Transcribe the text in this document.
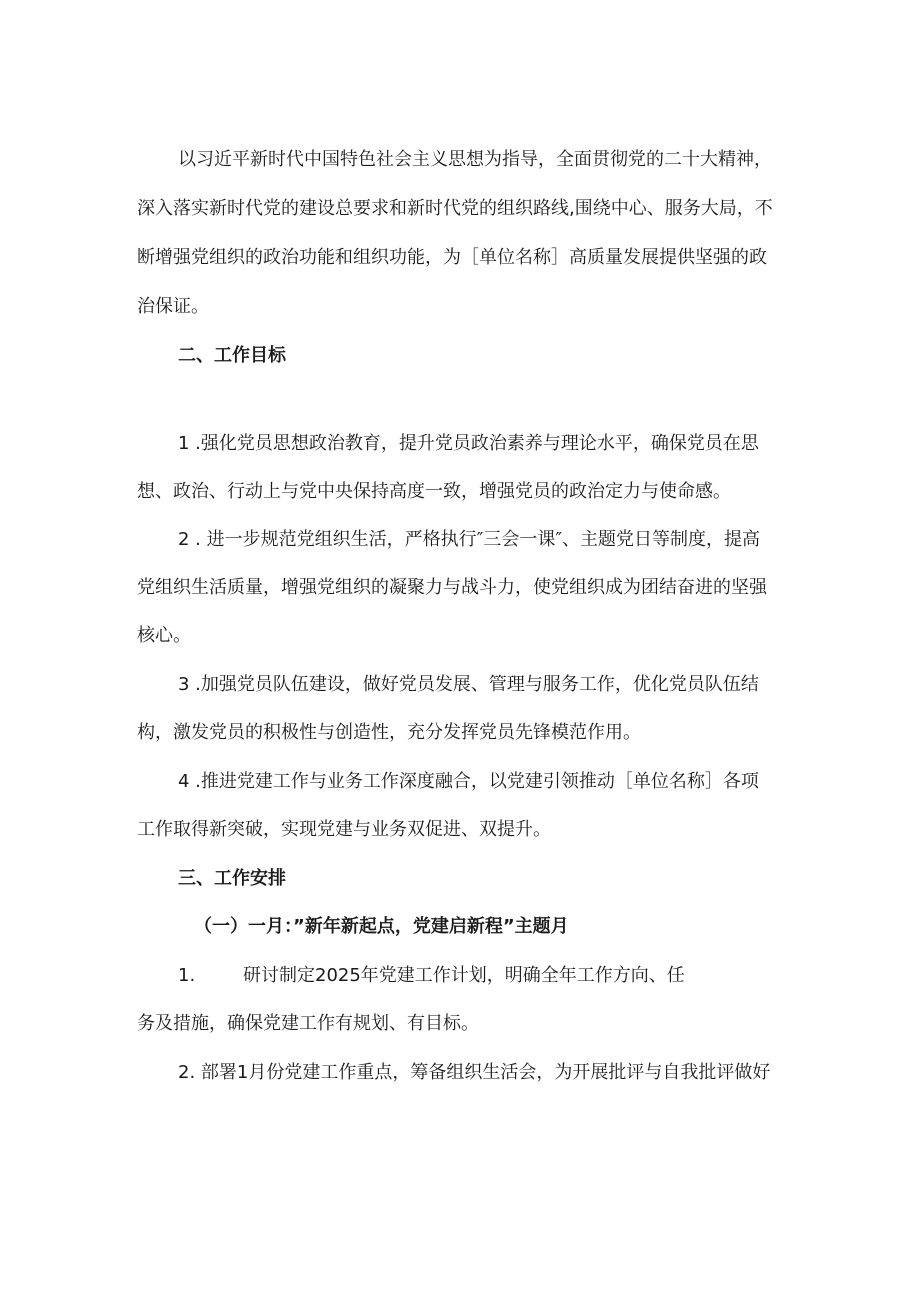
以习近平新时代中国特色社会主义思想为指导，全面贯彻党的二十大精神，
深入落实新时代党的建设总要求和新时代党的组织路线,围绕中心、服务大局，不
断增强党组织的政治功能和组织功能，为［单位名称］高质量发展提供坚强的政
治保证。
二、工作目标
1 .强化党员思想政治教育，提升党员政治素养与理论水平，确保党员在思
想、政治、行动上与党中央保持高度一致，增强党员的政治定力与使命感。
2 . 进一步规范党组织生活，严格执行″三会一课″、主题党日等制度，提高
党组织生活质量，增强党组织的凝聚力与战斗力，使党组织成为团结奋进的坚强
核心。
3 .加强党员队伍建设，做好党员发展、管理与服务工作，优化党员队伍结
构，激发党员的积极性与创造性，充分发挥党员先锋模范作用。
4 .推进党建工作与业务工作深度融合，以党建引领推动［单位名称］各项
工作取得新突破，实现党建与业务双促进、双提升。
三、工作安排
（一）一月：”新年新起点，党建启新程”主题月
1.	研讨制定2025年党建工作计划，明确全年工作方向、任
务及措施，确保党建工作有规划、有目标。
2. 部署1月份党建工作重点，筹备组织生活会，为开展批评与自我批评做好
